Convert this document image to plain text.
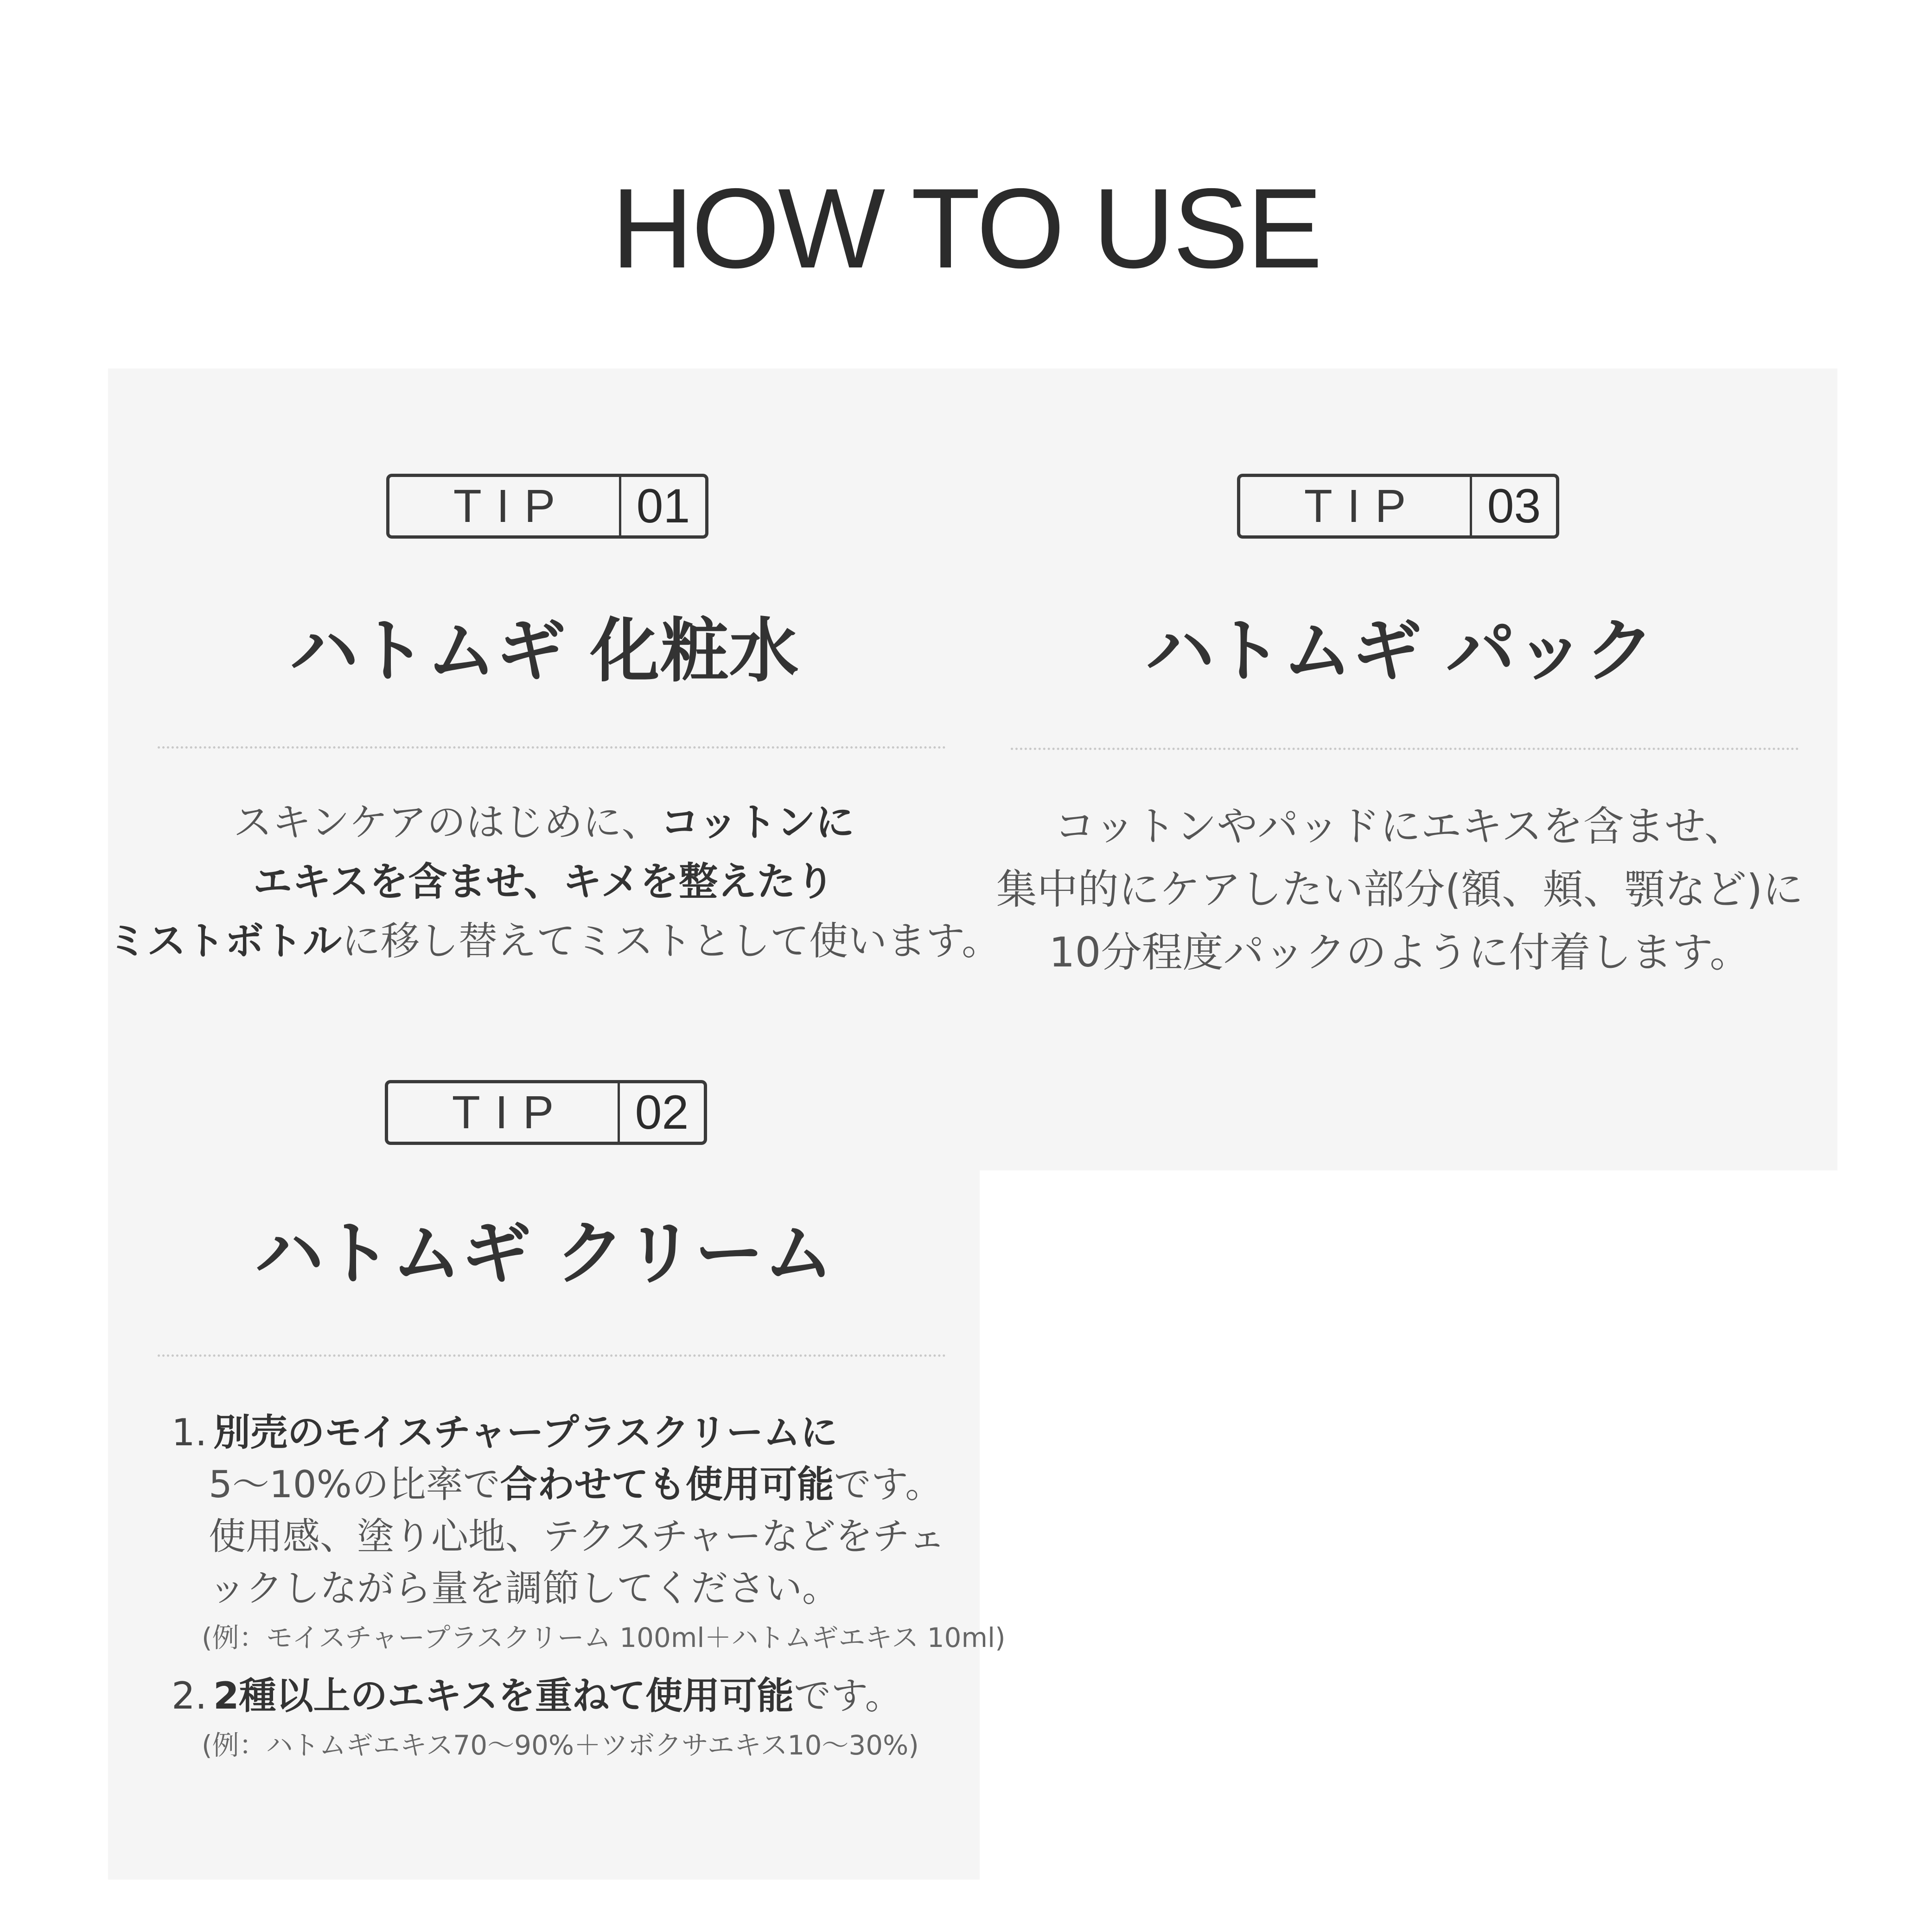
HOW TO USE
TIP	01
ハトムギ 化粧水
スキンケアのはじめに、コットンに
エキスを含ませ、キメを整えたり
ミストボトルに移し替えてミストとして使います。
TIP	03
ハトムギ パック
コットンやパッドにエキスを含ませ、
集中的にケアしたい部分(額、頬、顎など)に
10分程度パックのように付着します。
TIP	02
ハトムギ クリーム
1. 別売のモイスチャープラスクリームに
5〜10%の比率で合わせても使用可能です。
使用感、塗り心地、テクスチャーなどをチェ
ックしながら量を調節してください。
(例：モイスチャープラスクリーム 100ml＋ハトムギエキス 10ml)
2. 2種以上のエキスを重ねて使用可能です。
(例：ハトムギエキス70〜90%＋ツボクサエキス10〜30%)
